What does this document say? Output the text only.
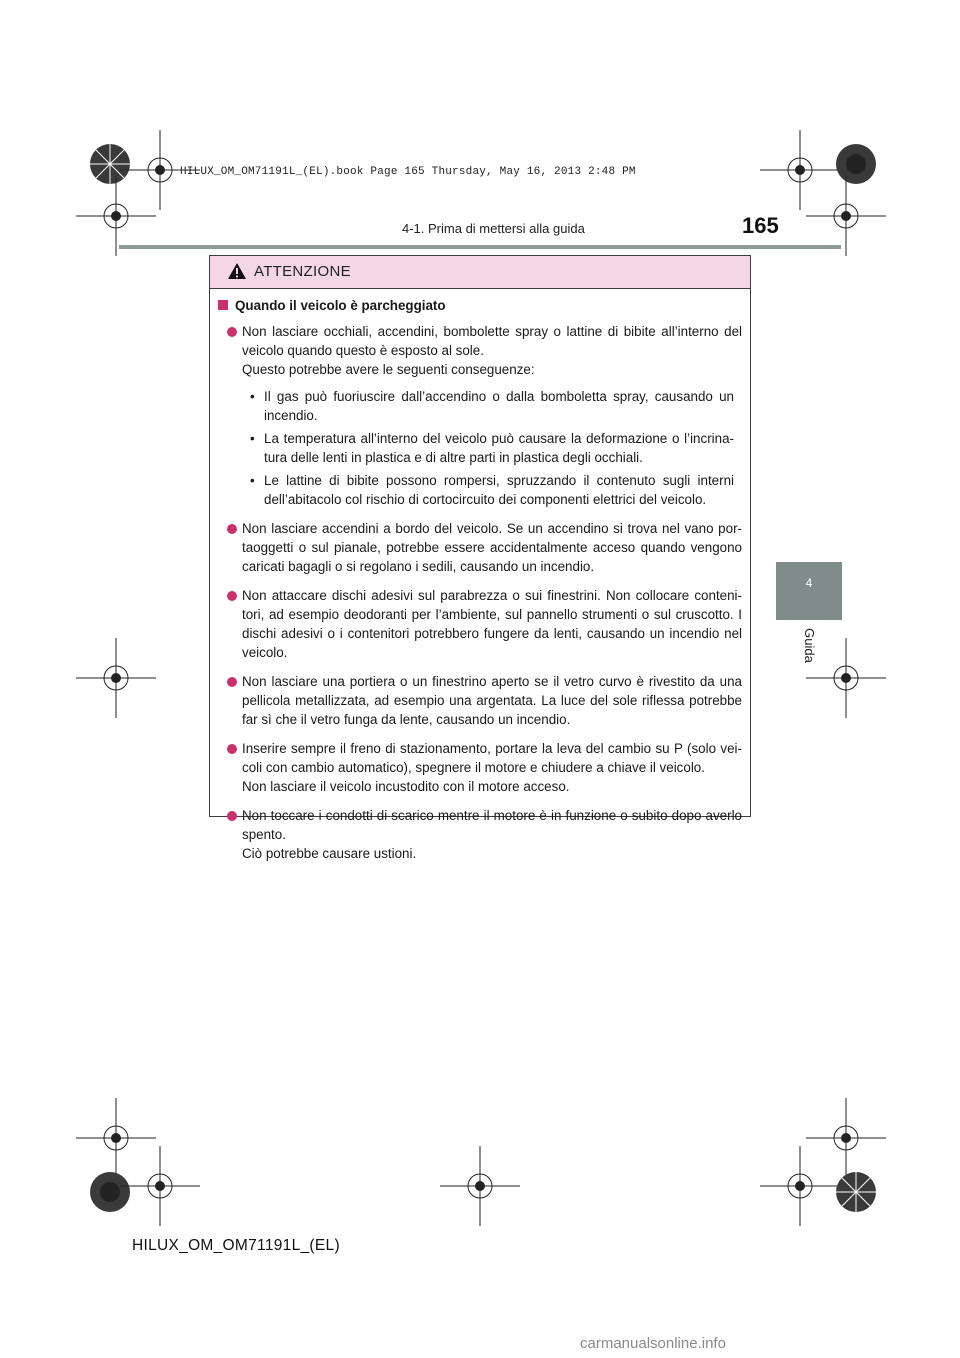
HILUX_OM_OM71191L_(EL).book Page 165 Thursday, May 16, 2013 2:48 PM
165
4-1. Prima di mettersi alla guida
4
Guida
ATTENZIONE
Quando il veicolo è parcheggiato

Non lasciare occhiali, accendini, bombolette spray o lattine di bibite all’interno del veicolo quando questo è esposto al sole.

Questo potrebbe avere le seguenti conseguenze:

• Il gas può fuoriuscire dall’accendino o dalla bomboletta spray, causando un incendio.
• La temperatura all’interno del veicolo può causare la deformazione o l’incrina-tura delle lenti in plastica e di altre parti in plastica degli occhiali.
• Le lattine di bibite possono rompersi, spruzzando il contenuto sugli interni dell’abitacolo col rischio di cortocircuito dei componenti elettrici del veicolo.

Non lasciare accendini a bordo del veicolo. Se un accendino si trova nel vano por-taoggetti o sul pianale, potrebbe essere accidentalmente acceso quando vengono caricati bagagli o si regolano i sedili, causando un incendio.

Non attaccare dischi adesivi sul parabrezza o sui finestrini. Non collocare conteni-tori, ad esempio deodoranti per l’ambiente, sul pannello strumenti o sul cruscotto. I dischi adesivi o i contenitori potrebbero fungere da lenti, causando un incendio nel veicolo.

Non lasciare una portiera o un finestrino aperto se il vetro curvo è rivestito da una pellicola metallizzata, ad esempio una argentata. La luce del sole riflessa potrebbe far sì che il vetro funga da lente, causando un incendio.

Inserire sempre il freno di stazionamento, portare la leva del cambio su P (solo vei-coli con cambio automatico), spegnere il motore e chiudere a chiave il veicolo.

Non lasciare il veicolo incustodito con il motore acceso.

Non toccare i condotti di scarico mentre il motore è in funzione o subito dopo averlo spento.

Ciò potrebbe causare ustioni.

HILUX_OM_OM71191L_(EL)
carmanualsonline.info
